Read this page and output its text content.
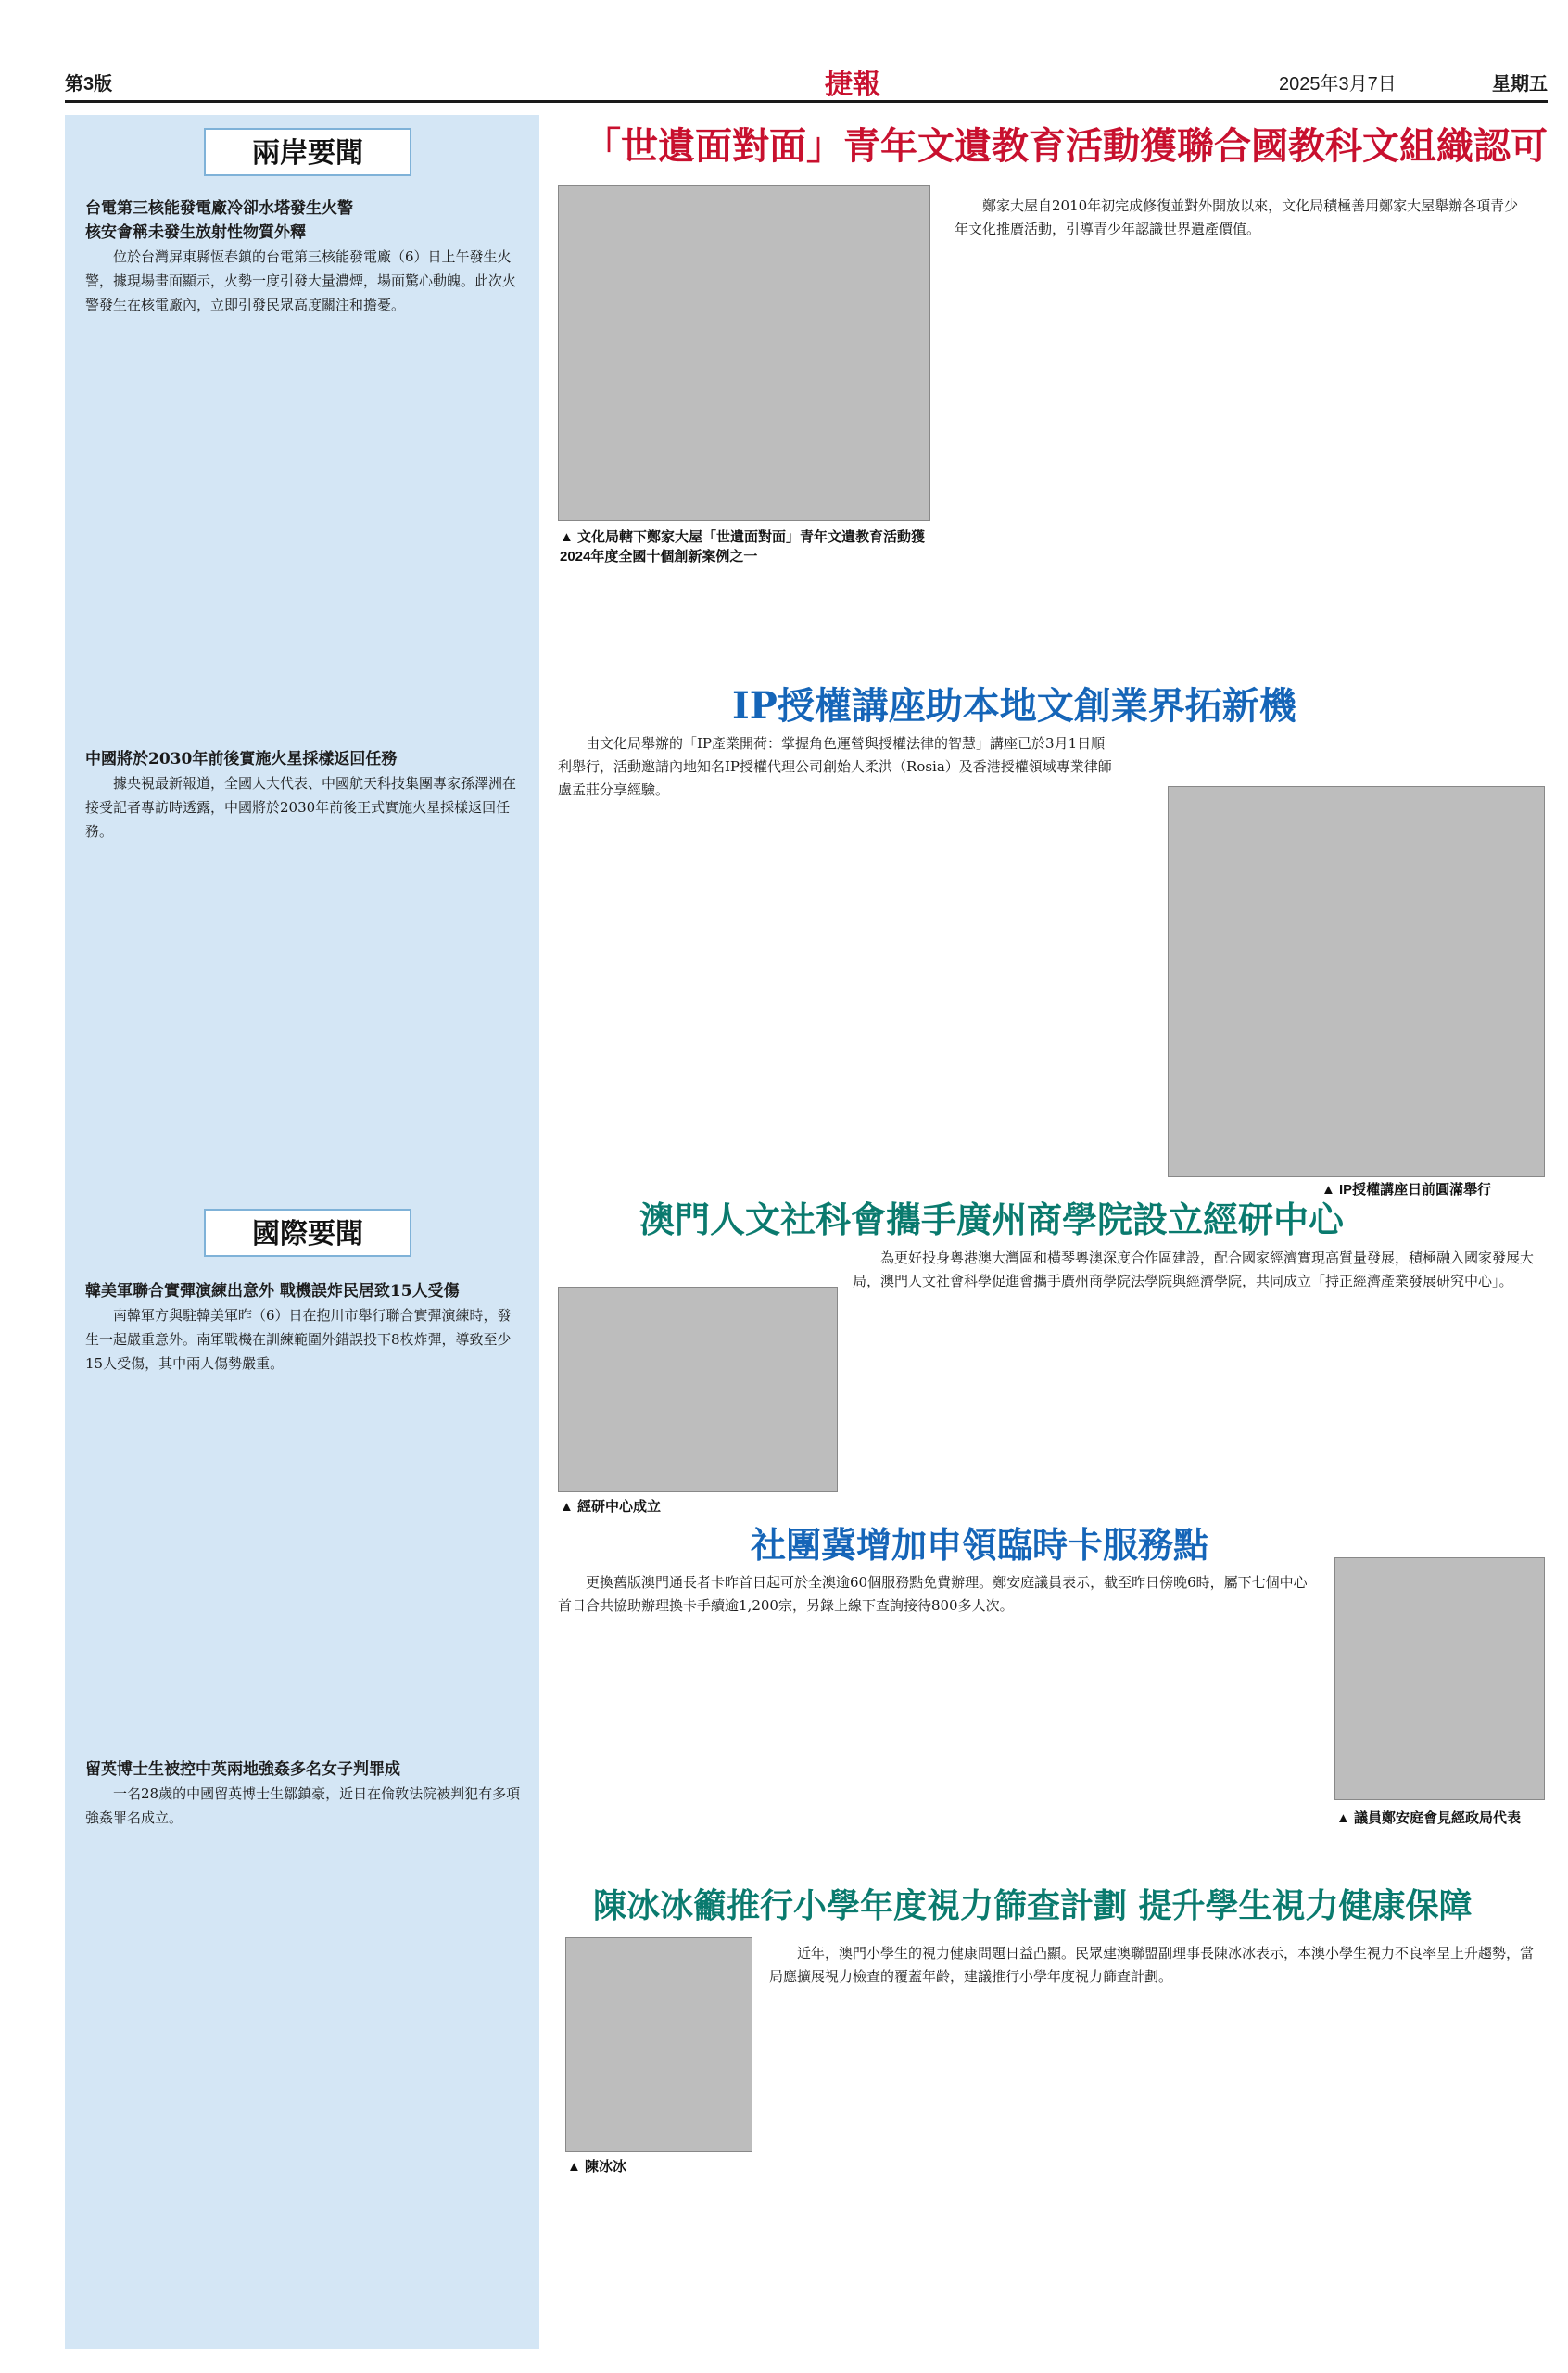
第3版	捷報	2025年3月7日	星期五
兩岸要聞
台電第三核能發電廠冷卻水塔發生火警
核安會稱未發生放射性物質外釋
位於台灣屏東縣恆春鎮的台電第三核能發電廠（6）日上午發生火警，據現場畫面顯示，火勢一度引發大量濃煙，場面驚心動魄。此次火警發生在核電廠內，立即引發民眾高度關注和擔憂。
中國將於2030年前後實施火星採樣返回任務
據央視最新報道，全國人大代表、中國航天科技集團專家孫澤洲在接受記者專訪時透露，中國將於2030年前後正式實施火星採樣返回任務。
國際要聞
韓美軍聯合實彈演練出意外 戰機誤炸民居致15人受傷
南韓軍方與駐韓美軍昨（6）日在抱川市舉行聯合實彈演練時，發生一起嚴重意外。南軍戰機在訓練範圍外錯誤投下8枚炸彈，導致至少15人受傷，其中兩人傷勢嚴重。
留英博士生被控中英兩地強姦多名女子判罪成
一名28歲的中國留英博士生鄒鎮豪，近日在倫敦法院被判犯有多項強姦罪名成立。
「世遺面對面」青年文遺教育活動獲聯合國教科文組織認可
▲ 文化局轄下鄭家大屋「世遺面對面」青年文遺教育活動獲2024年度全國十個創新案例之一
鄭家大屋自2010年初完成修復並對外開放以來，文化局積極善用鄭家大屋舉辦各項青少年文化推廣活動，引導青少年認識世界遺產價值。
IP授權講座助本地文創業界拓新機
由文化局舉辦的「IP產業開荷：掌握角色運營與授權法律的智慧」講座已於3月1日順利舉行，活動邀請內地知名IP授權代理公司創始人柔洪（Rosia）及香港授權領域專業律師盧孟莊分享經驗。
▲ IP授權講座日前圓滿舉行
澳門人文社科會攜手廣州商學院設立經研中心
▲ 經研中心成立
為更好投身粵港澳大灣區和橫琴粵澳深度合作區建設，配合國家經濟實現高質量發展，積極融入國家發展大局，澳門人文社會科學促進會攜手廣州商學院法學院與經濟學院，共同成立「持正經濟產業發展研究中心」。
社團冀增加申領臨時卡服務點
更換舊版澳門通長者卡昨首日起可於全澳逾60個服務點免費辦理。鄭安庭議員表示，截至昨日傍晚6時，屬下七個中心首日合共協助辦理換卡手續逾1,200宗，另錄上線下查詢接待800多人次。
▲ 議員鄭安庭會見經政局代表
陳冰冰籲推行小學年度視力篩查計劃 提升學生視力健康保障
▲ 陳冰冰
近年，澳門小學生的視力健康問題日益凸顯。民眾建澳聯盟副理事長陳冰冰表示，本澳小學生視力不良率呈上升趨勢，當局應擴展視力檢查的覆蓋年齡，建議推行小學年度視力篩查計劃。
